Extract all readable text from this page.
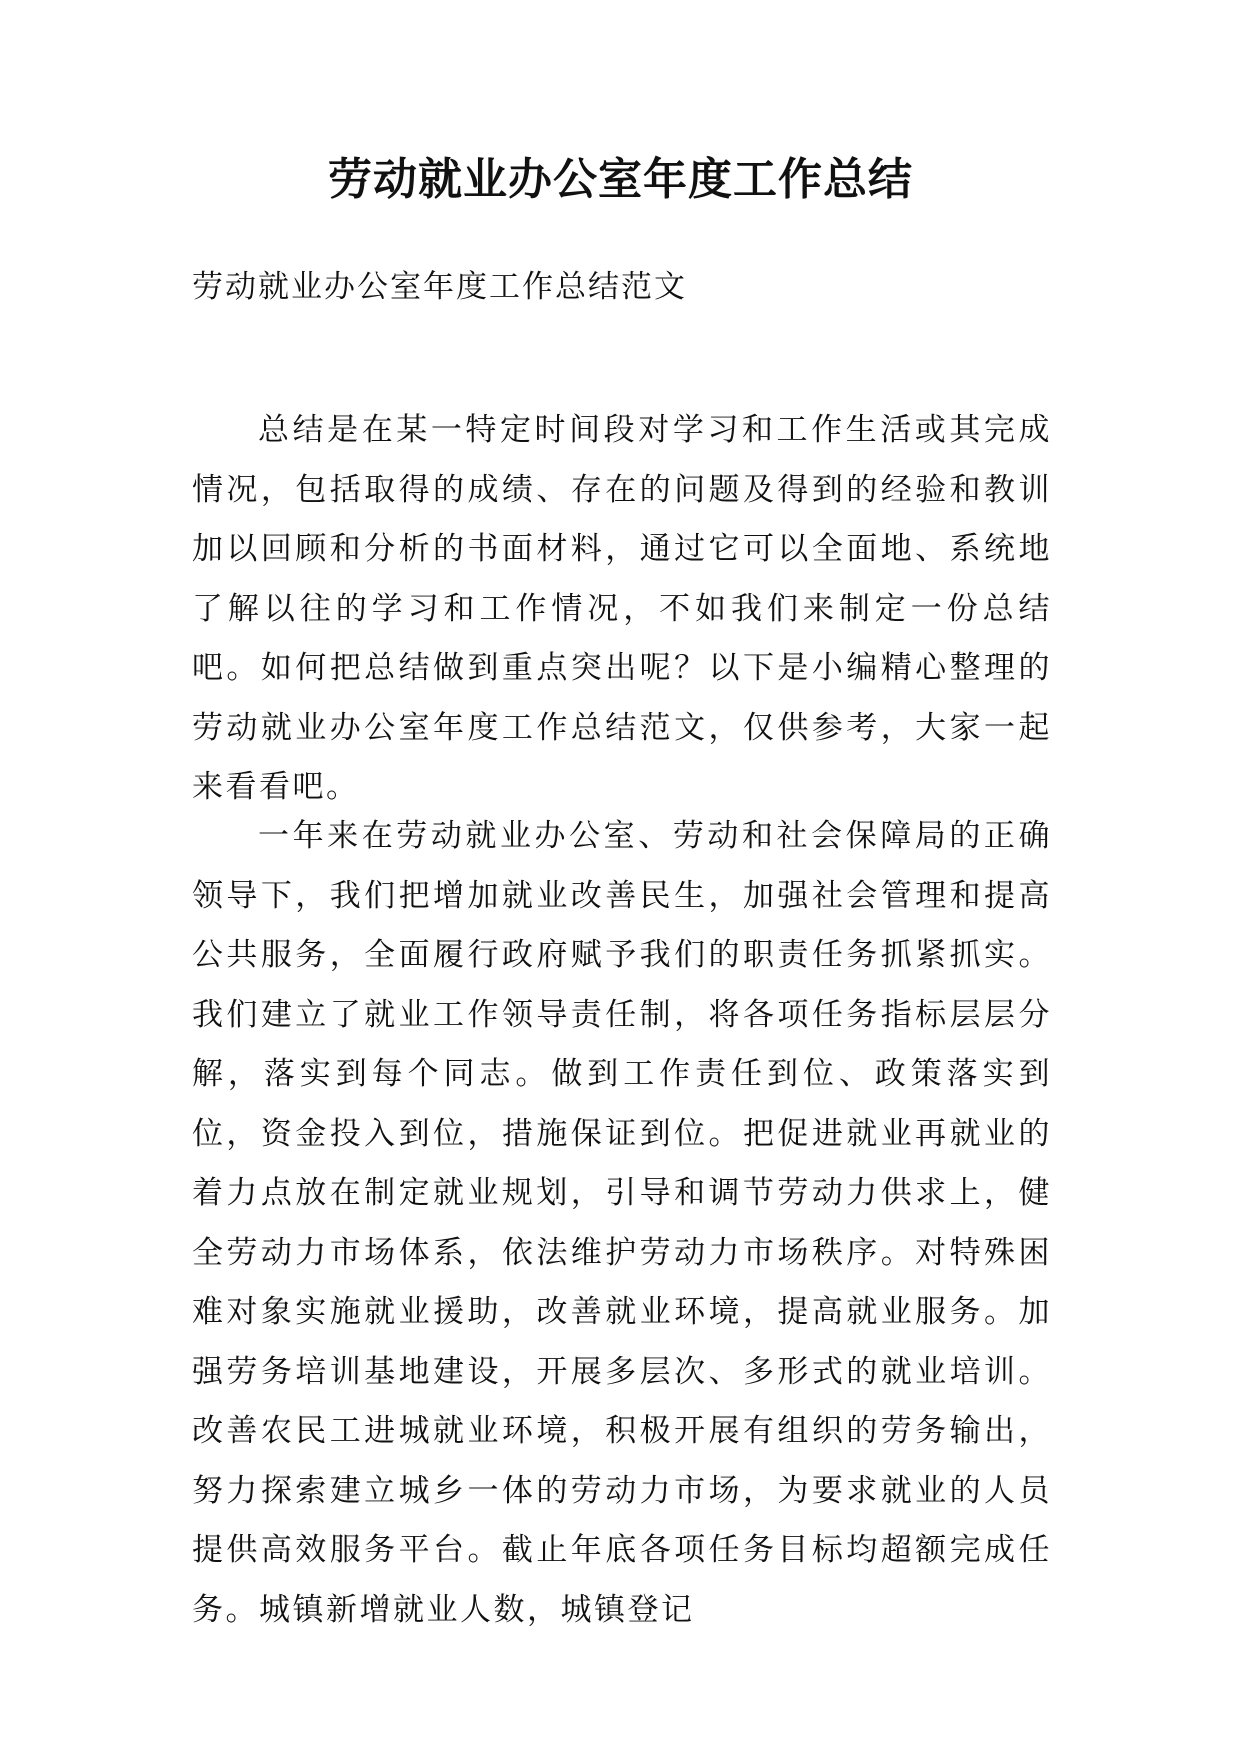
劳动就业办公室年度工作总结

劳动就业办公室年度工作总结范文

总结是在某一特定时间段对学习和工作生活或其完成情况，包括取得的成绩、存在的问题及得到的经验和教训加以回顾和分析的书面材料，通过它可以全面地、系统地了解以往的学习和工作情况，不如我们来制定一份总结吧。如何把总结做到重点突出呢？以下是小编精心整理的劳动就业办公室年度工作总结范文，仅供参考，大家一起来看看吧。

一年来在劳动就业办公室、劳动和社会保障局的正确领导下，我们把增加就业改善民生，加强社会管理和提高公共服务，全面履行政府赋予我们的职责任务抓紧抓实。我们建立了就业工作领导责任制，将各项任务指标层层分解，落实到每个同志。做到工作责任到位、政策落实到位，资金投入到位，措施保证到位。把促进就业再就业的着力点放在制定就业规划，引导和调节劳动力供求上，健全劳动力市场体系，依法维护劳动力市场秩序。对特殊困难对象实施就业援助，改善就业环境，提高就业服务。加强劳务培训基地建设，开展多层次、多形式的就业培训。改善农民工进城就业环境，积极开展有组织的劳务输出，努力探索建立城乡一体的劳动力市场，为要求就业的人员提供高效服务平台。截止年底各项任务目标均超额完成任务。城镇新增就业人数，城镇登记
